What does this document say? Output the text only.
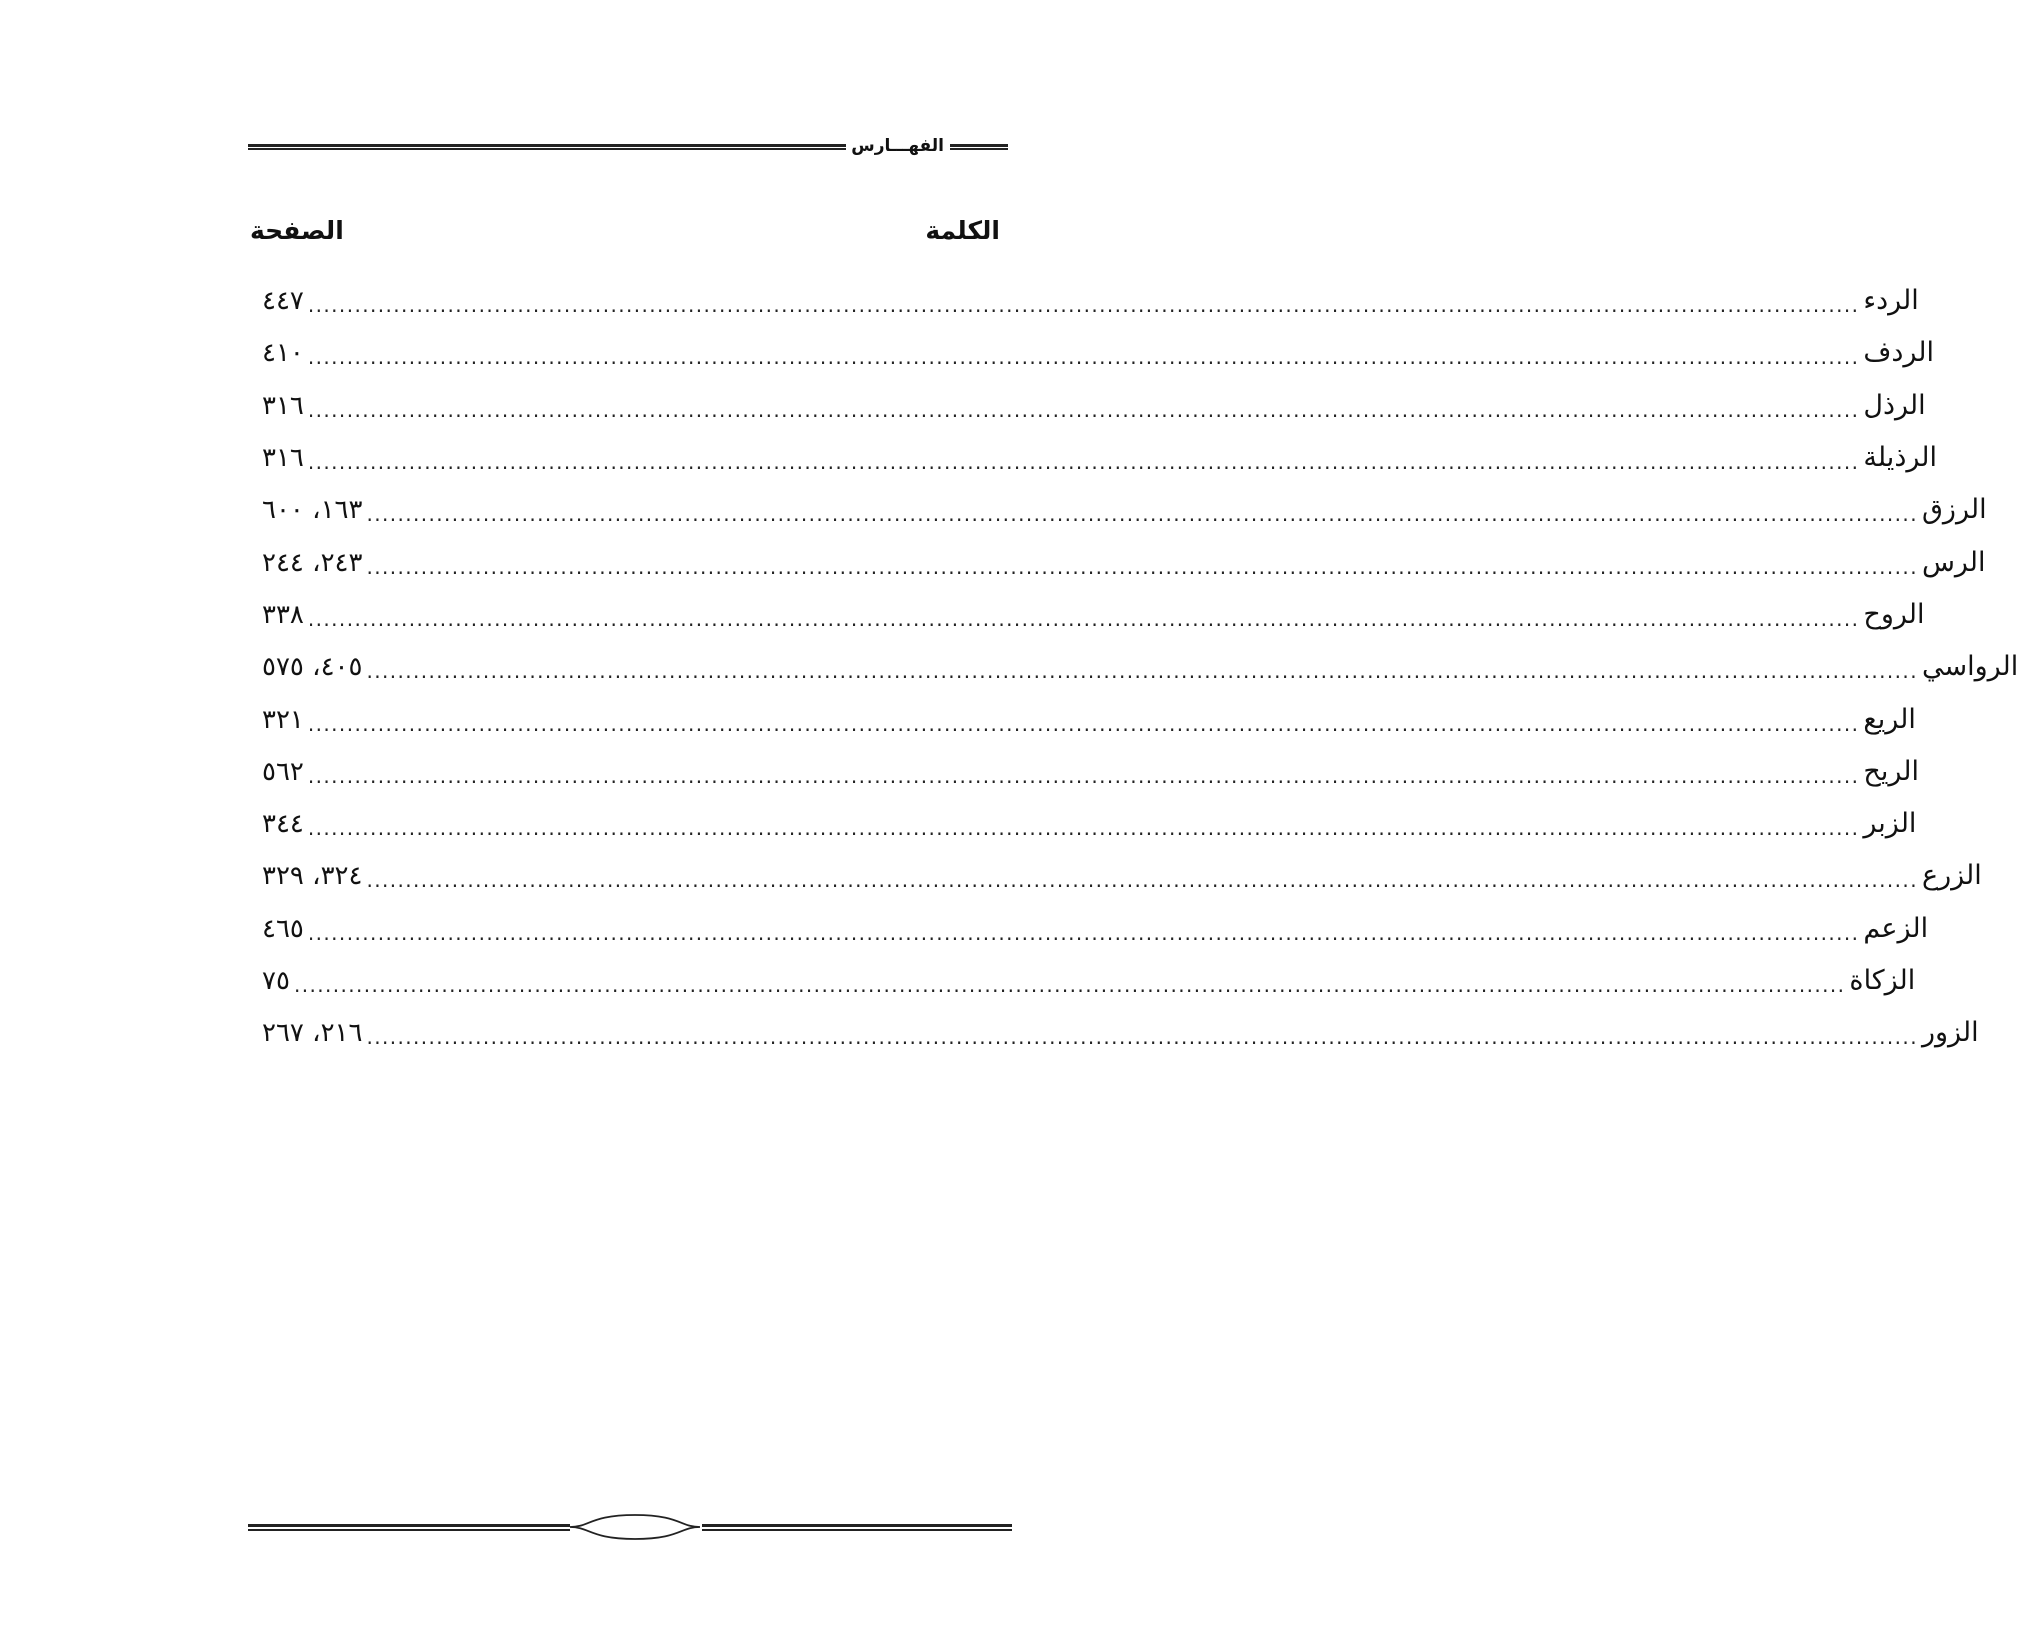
الفهـــارس
الكلمة
الصفحة
٤٤٧ ........................................................................................................................................................................................................ الردء
٤١٠ ........................................................................................................................................................................................................ الردف
٣١٦ ........................................................................................................................................................................................................ الرذل
٣١٦ ........................................................................................................................................................................................................ الرذيلة
١٦٣، ٦٠٠ ........................................................................................................................................................................................................ الرزق
٢٤٣، ٢٤٤ ........................................................................................................................................................................................................ الرس
٣٣٨ ........................................................................................................................................................................................................ الروح
٤٠٥، ٥٧٥ ........................................................................................................................................................................................................ الرواسي
٣٢١ ........................................................................................................................................................................................................ الريع
٥٦٢ ........................................................................................................................................................................................................ الريح
٣٤٤ ........................................................................................................................................................................................................ الزبر
٣٢٤، ٣٢٩ ........................................................................................................................................................................................................ الزرع
٤٦٥ ........................................................................................................................................................................................................ الزعم
٧٥ ........................................................................................................................................................................................................ الزكاة
٢١٦، ٢٦٧ ........................................................................................................................................................................................................ الزور
